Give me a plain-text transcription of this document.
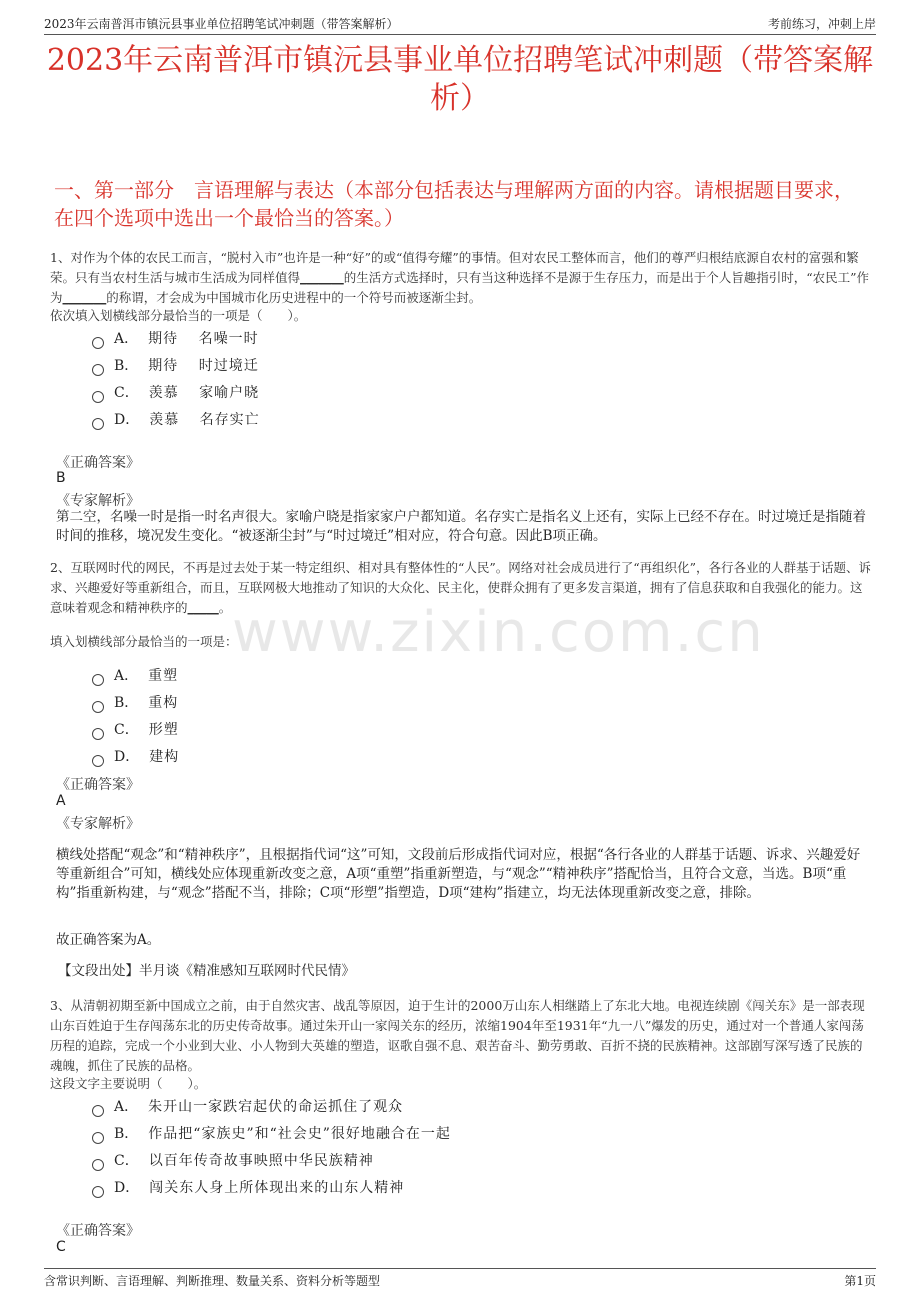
2023年云南普洱市镇沅县事业单位招聘笔试冲刺题（带答案解析）	考前练习，冲刺上岸
2023年云南普洱市镇沅县事业单位招聘笔试冲刺题（带答案解析）
一、第一部分　言语理解与表达（本部分包括表达与理解两方面的内容。请根据题目要求，在四个选项中选出一个最恰当的答案。）
1、对作为个体的农民工而言，“脱村入市”也许是一种“好”的或“值得夸耀”的事情。但对农民工整体而言，他们的尊严归根结底源自农村的富强和繁荣。只有当农村生活与城市生活成为同样值得_______的生活方式选择时，只有当这种选择不是源于生存压力，而是出于个人旨趣指引时，“农民工”作为_______的称谓，才会成为中国城市化历史进程中的一个符号而被逐渐尘封。
依次填入划横线部分最恰当的一项是（　　）。
A． 期待　 名噪一时
B． 期待　 时过境迁
C． 羡慕　 家喻户晓
D． 羡慕　 名存实亡
《正确答案》
B
《专家解析》
第二空，名噪一时是指一时名声很大。家喻户晓是指家家户户都知道。名存实亡是指名义上还有，实际上已经不存在。时过境迁是指随着时间的推移，境况发生变化。“被逐渐尘封”与“时过境迁”相对应，符合句意。因此B项正确。
2、互联网时代的网民，不再是过去处于某一特定组织、相对具有整体性的“人民”。网络对社会成员进行了“再组织化”，各行各业的人群基于话题、诉求、兴趣爱好等重新组合，而且，互联网极大地推动了知识的大众化、民主化，使群众拥有了更多发言渠道，拥有了信息获取和自我强化的能力。这意味着观念和精神秩序的_____。 www.zixin.com.cn
填入划横线部分最恰当的一项是：
A． 重塑
B． 重构
C． 形塑
D． 建构
《正确答案》
A
《专家解析》
横线处搭配“观念”和“精神秩序”，且根据指代词“这”可知，文段前后形成指代词对应，根据“各行各业的人群基于话题、诉求、兴趣爱好等重新组合”可知，横线处应体现重新改变之意，A项“重塑”指重新塑造，与“观念”“精神秩序”搭配恰当，且符合文意，当选。B项“重构”指重新构建，与“观念”搭配不当，排除；C项“形塑”指塑造，D项“建构”指建立，均无法体现重新改变之意，排除。
故正确答案为A。
【文段出处】半月谈《精准感知互联网时代民情》
3、从清朝初期至新中国成立之前，由于自然灾害、战乱等原因，迫于生计的2000万山东人相继踏上了东北大地。电视连续剧《闯关东》是一部表现山东百姓迫于生存闯荡东北的历史传奇故事。通过朱开山一家闯关东的经历，浓缩1904年至1931年“九一八”爆发的历史，通过对一个普通人家闯荡历程的追踪，完成一个小业到大业、小人物到大英雄的塑造，讴歌自强不息、艰苦奋斗、勤劳勇敢、百折不挠的民族精神。这部剧写深写透了民族的魂魄，抓住了民族的品格。
这段文字主要说明（　　）。
A． 朱开山一家跌宕起伏的命运抓住了观众
B． 作品把“家族史”和“社会史”很好地融合在一起
C． 以百年传奇故事映照中华民族精神
D． 闯关东人身上所体现出来的山东人精神
《正确答案》
C
含常识判断、言语理解、判断推理、数量关系、资料分析等题型	第1页
